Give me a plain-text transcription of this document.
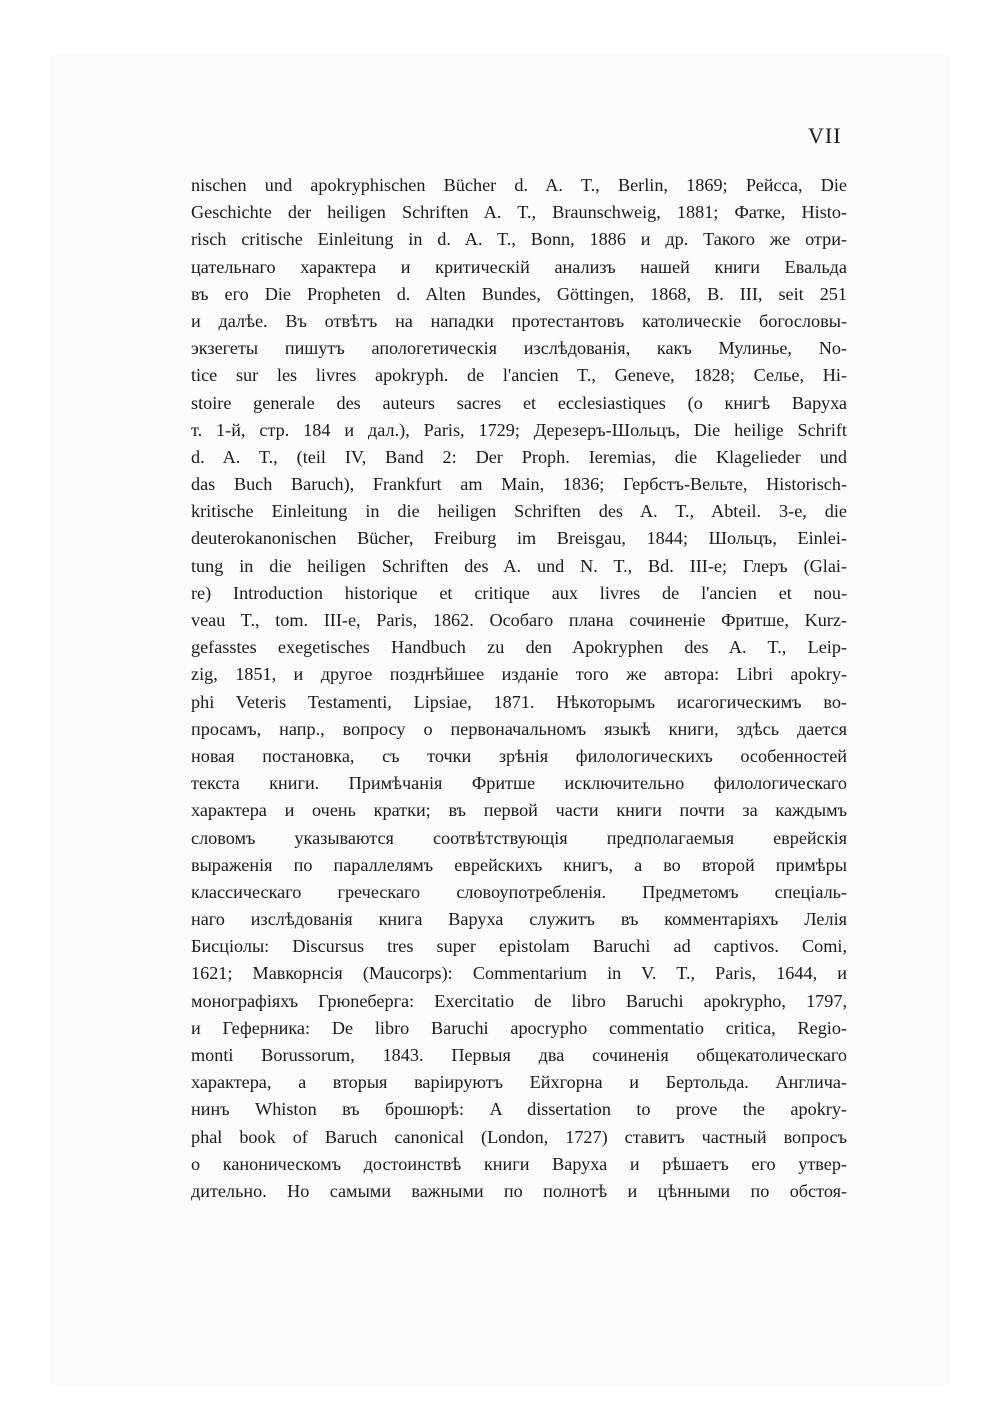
VII
nischen und apokryphischen Bücher d. A. T., Berlin, 1869; Рейсса, Die
Geschichte der heiligen Schriften A. T., Braunschweig, 1881; Фатке, Histo-
risch critische Einleitung in d. A. T., Bonn, 1886 и др. Такого же отри-
цательнаго характера и критическій анализъ нашей книги Евальда
въ его Die Propheten d. Alten Bundes, Göttingen, 1868, B. III, seit 251
и далѣе. Въ отвѣтъ на нападки протестантовъ католическіе богословы-
экзегеты пишутъ апологетическія изслѣдованія, какъ Мулинье, No-
tice sur les livres apokryph. de l'ancien T., Geneve, 1828; Селье, Hi-
stoire generale des auteurs sacres et ecclesiastiques (о книгѣ Варуха
т. 1-й, стр. 184 и дал.), Paris, 1729; Дерезеръ-Шольцъ, Die heilige Schrift
d. A. T., (teil IV, Band 2: Der Proph. Ieremias, die Klagelieder und
das Buch Baruch), Frankfurt am Main, 1836; Гербстъ-Вельте, Historisch-
kritische Einleitung in die heiligen Schriften des A. T., Abteil. 3-е, die
deuterokanonischen Bücher, Freiburg im Breisgau, 1844; Шольцъ, Einlei-
tung in die heiligen Schriften des A. und N. T., Bd. III-e; Глеръ (Glai-
re) Introduction historique et critique aux livres de l'ancien et nou-
veau T., tom. III-e, Paris, 1862. Особаго плана сочиненіе Фритше, Kurz-
gefasstes exegetisches Handbuch zu den Apokryphen des A. T., Leip-
zig, 1851, и другое позднѣйшее изданіе того же автора: Libri apokry-
phi Veteris Testamenti, Lipsiae, 1871. Нѣкоторымъ исагогическимъ во-
просамъ, напр., вопросу о первоначальномъ языкѣ книги, здѣсь дается
новая постановка, съ точки зрѣнія филологическихъ особенностей
текста книги. Примѣчанія Фритше исключительно филологическаго
характера и очень кратки; въ первой части книги почти за каждымъ
словомъ указываются соотвѣтствующія предполагаемыя еврейскія
выраженія по параллелямъ еврейскихъ книгъ, а во второй примѣры
классическаго греческаго словоупотребленія. Предметомъ спеціаль-
наго изслѣдованія книга Варуха служитъ въ комментаріяхъ Лелія
Бисціолы: Discursus tres super epistolam Baruchi ad captivos. Comi,
1621; Мавкорнсія (Maucorps): Commentarium in V. T., Paris, 1644, и
монографіяхъ Грюneберга: Exercitatio de libro Baruchi apokrypho, 1797,
и Геферника: De libro Baruchi apocrypho commentatio critica, Regio-
monti Borussorum, 1843. Первыя два сочиненія общекатолическаго
характера, а вторыя варіируютъ Ейхгорна и Бертольда. Англича-
нинъ Whiston въ брошюрѣ: A dissertation to prove the apokry-
phal book of Baruch canonical (London, 1727) ставитъ частный вопросъ
о каноническомъ достоинствѣ книги Варуха и рѣшаетъ его утвер-
дительно. Но самыми важными по полнотѣ и цѣнными по обстоя-
